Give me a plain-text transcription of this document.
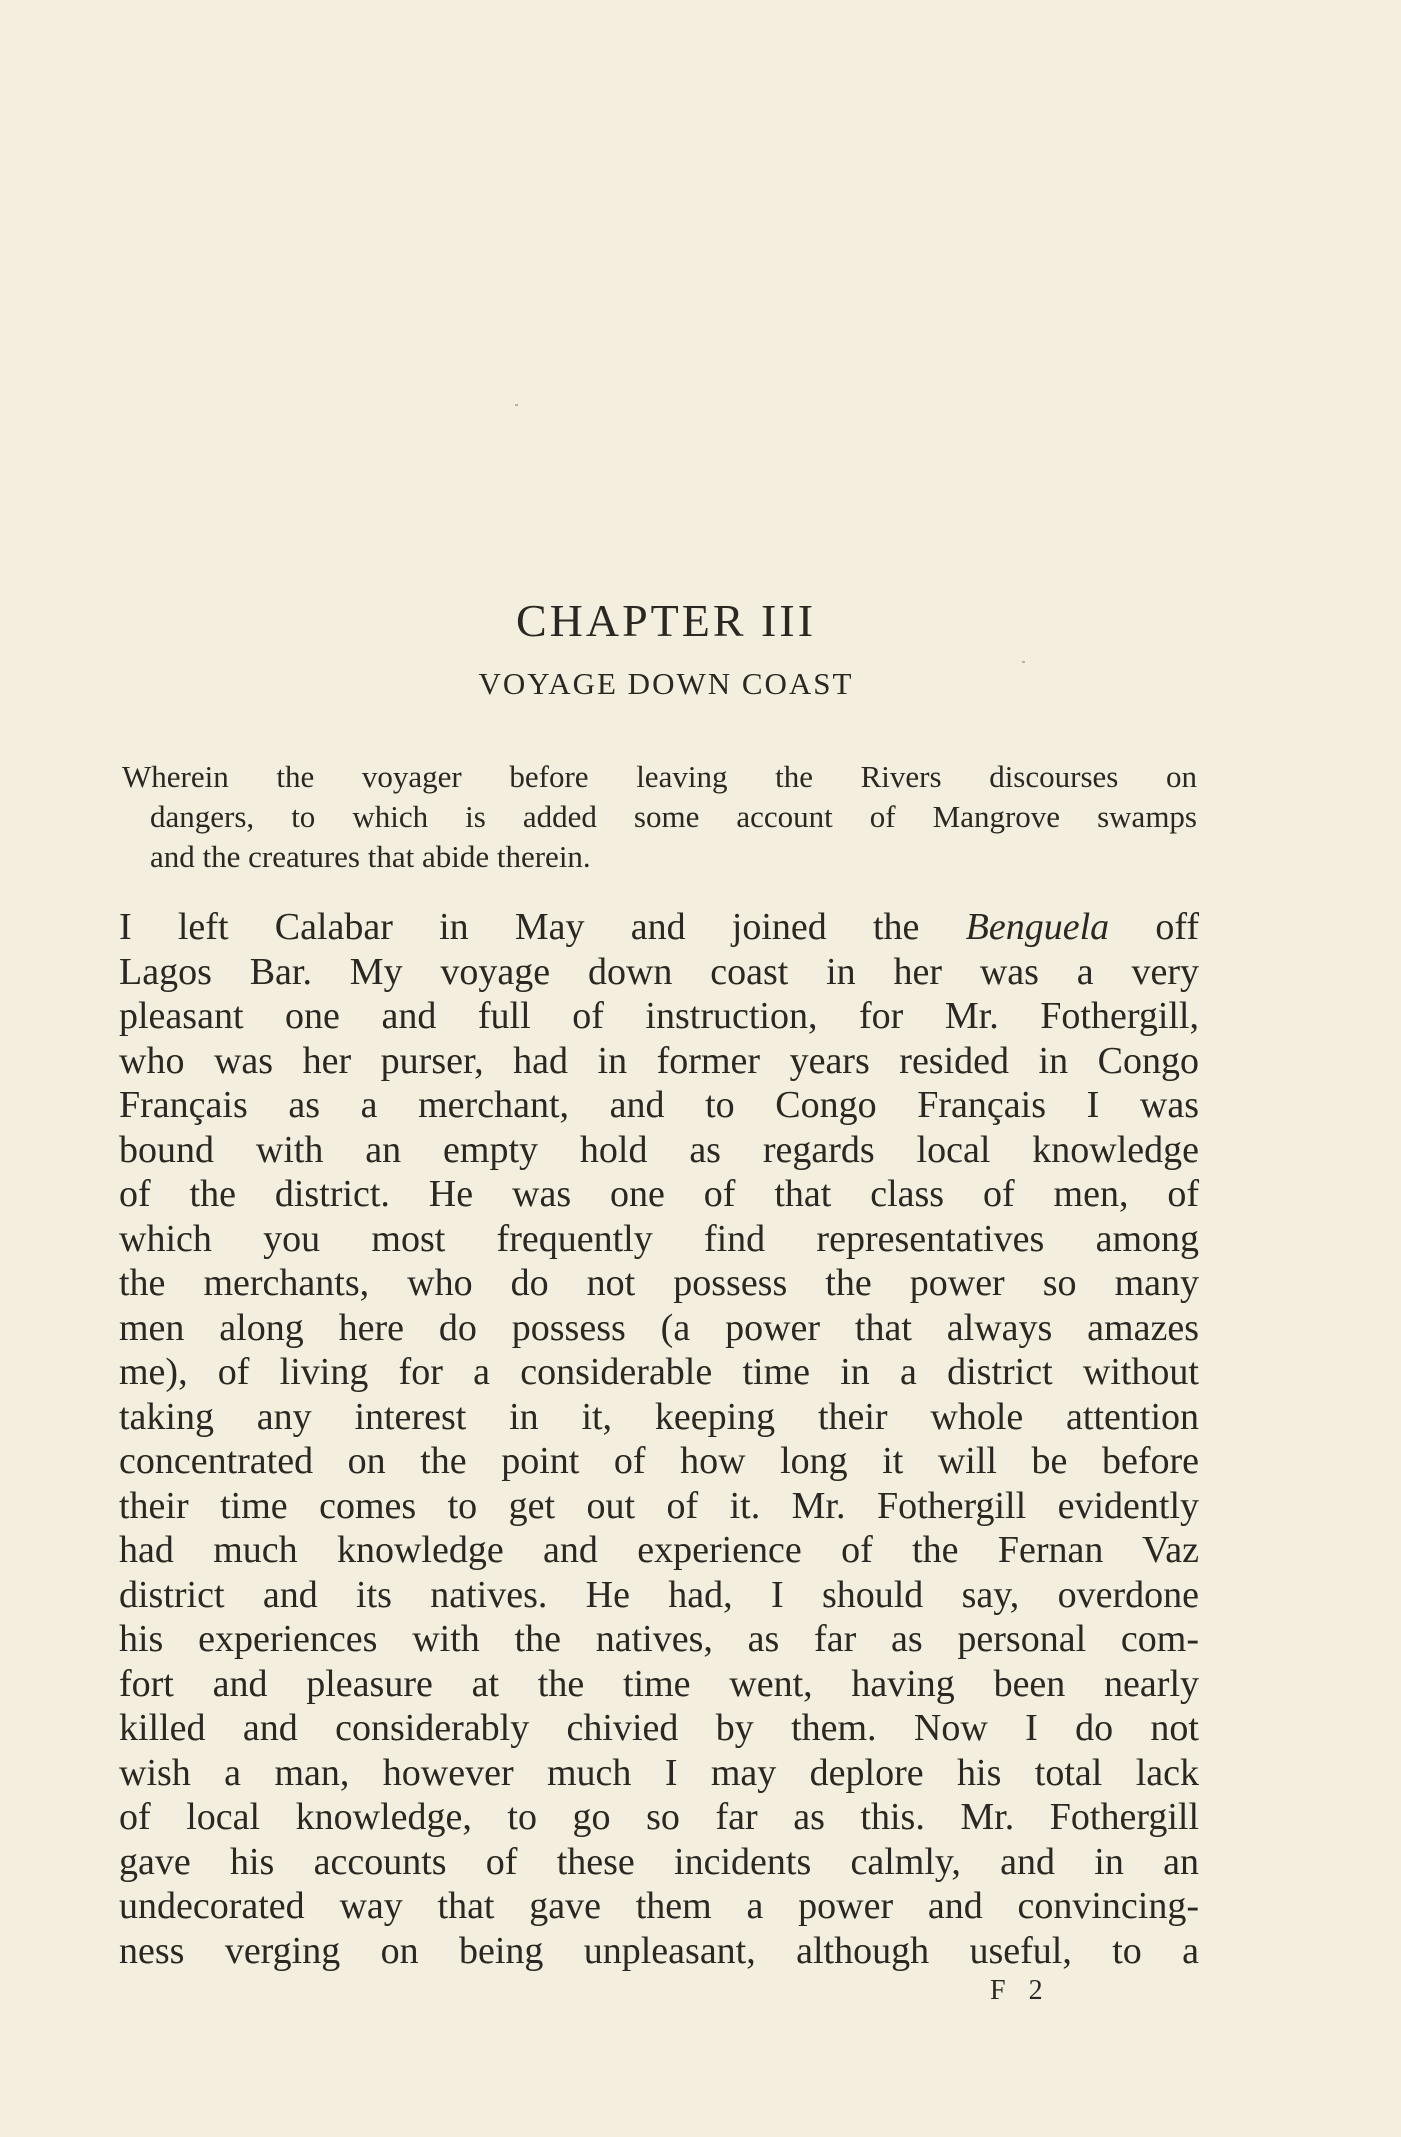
CHAPTER III
VOYAGE DOWN COAST
Wherein the voyager before leaving the Rivers discourses on
dangers, to which is added some account of Mangrove swamps
and the creatures that abide therein.
I left Calabar in May and joined the Benguela off
Lagos Bar. My voyage down coast in her was a very
pleasant one and full of instruction, for Mr. Fothergill,
who was her purser, had in former years resided in Congo
Français as a merchant, and to Congo Français I was
bound with an empty hold as regards local knowledge
of the district. He was one of that class of men, of
which you most frequently find representatives among
the merchants, who do not possess the power so many
men along here do possess (a power that always amazes
me), of living for a considerable time in a district without
taking any interest in it, keeping their whole attention
concentrated on the point of how long it will be before
their time comes to get out of it. Mr. Fothergill evidently
had much knowledge and experience of the Fernan Vaz
district and its natives. He had, I should say, overdone
his experiences with the natives, as far as personal com-
fort and pleasure at the time went, having been nearly
killed and considerably chivied by them. Now I do not
wish a man, however much I may deplore his total lack
of local knowledge, to go so far as this. Mr. Fothergill
gave his accounts of these incidents calmly, and in an
undecorated way that gave them a power and convincing-
ness verging on being unpleasant, although useful, to a
F 2
